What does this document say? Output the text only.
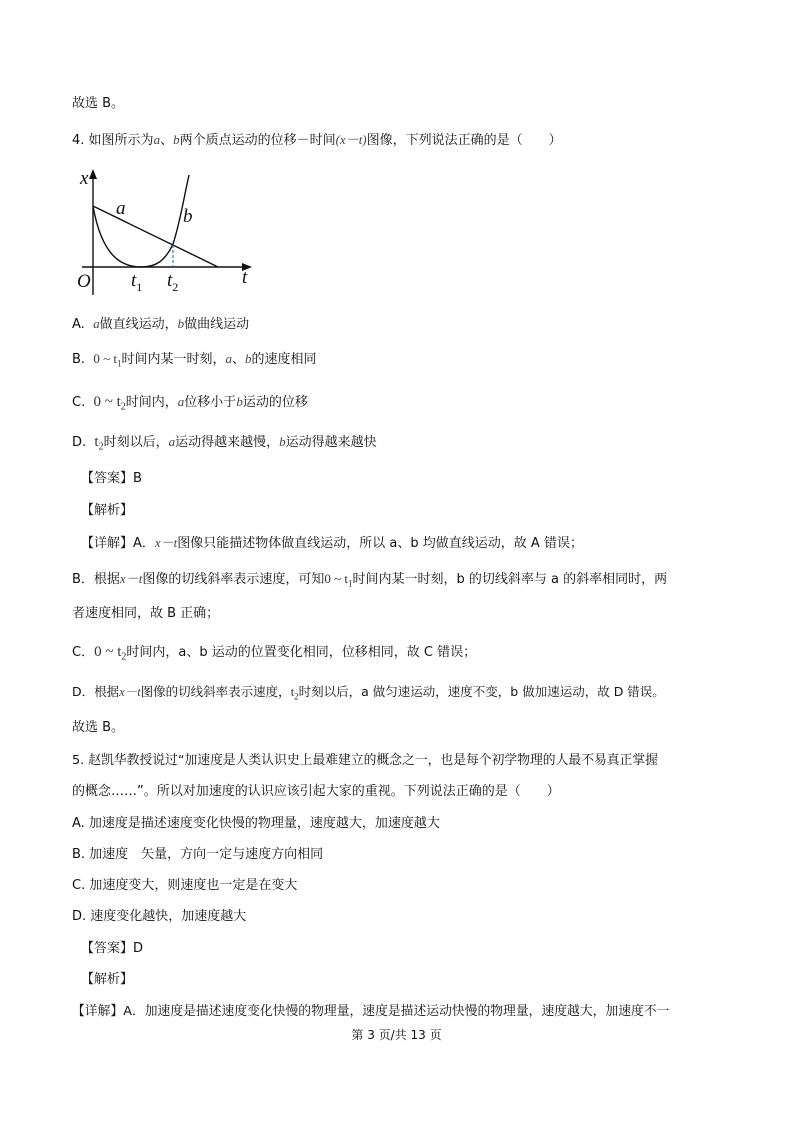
故选 B。
4. 如图所示为a、b两个质点运动的位移－时间(x－t)图像，下列说法正确的是（　　）
x
t
O
a	b
$t_1$ $t_2$
A. a做直线运动，b做曲线运动
B. 0 ~ $t_1$时间内某一时刻，a、b的速度相同
C. 0 ~ $t_2$时间内，a位移小于b运动的位移
D. $t_2$时刻以后，a运动得越来越慢，b运动得越来越快
【答案】B
【解析】
【详解】A．x－t图像只能描述物体做直线运动，所以 a、b 均做直线运动，故 A 错误；
B．根据x－t图像的切线斜率表示速度，可知0 ~ $t_1$时间内某一时刻，b 的切线斜率与 a 的斜率相同时，两
者速度相同，故 B 正确；
C．0 ~ $t_2$时间内，a、b 运动的位置变化相同，位移相同，故 C 错误；
D．根据x－t图像的切线斜率表示速度，$t_2$时刻以后，a 做匀速运动，速度不变，b 做加速运动，故 D 错误。
故选 B。
5. 赵凯华教授说过“加速度是人类认识史上最难建立的概念之一，也是每个初学物理的人最不易真正掌握
的概念……”。所以对加速度的认识应该引起大家的重视。下列说法正确的是（　　）
A. 加速度是描述速度变化快慢的物理量，速度越大，加速度越大
B. 加速度　矢量，方向一定与速度方向相同
C. 加速度变大，则速度也一定是在变大
D. 速度变化越快，加速度越大
【答案】D
【解析】
【详解】A．加速度是描述速度变化快慢的物理量，速度是描述运动快慢的物理量，速度越大，加速度不一
第 3 页/共 13 页
